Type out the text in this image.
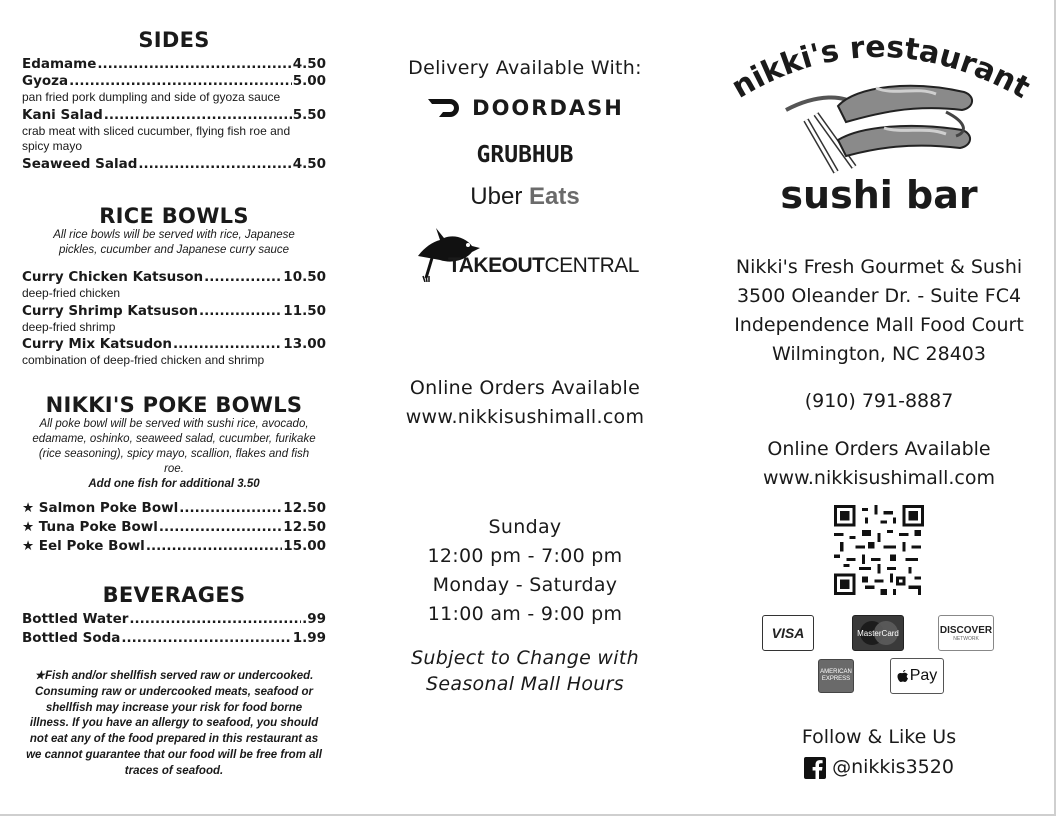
SIDES
Edamame .....	4.50
Gyoza .....	5.00

pan fried pork dumpling and side of gyoza sauce

Kani Salad .....	5.50

crab meat with sliced cucumber, flying fish roe and spicy mayo

Seaweed Salad .....	4.50
RICE BOWLS

All rice bowls will be served with rice, Japanese pickles, cucumber and Japanese curry sauce

Curry Chicken Katsuson .....	10.50

deep-fried chicken

Curry Shrimp Katsuson .....	11.50

deep-fried shrimp

Curry Mix Katsudon .....	13.00

combination of deep-fried chicken and shrimp

NIKKI'S POKE BOWLS

All poke bowl will be served with sushi rice, avocado, edamame, oshinko, seaweed salad, cucumber, furikake (rice seasoning), spicy mayo, scallion, flakes and fish roe.

Add one fish for additional 3.50

★ Salmon Poke Bowl .....	12.50
★ Tuna Poke Bowl .....	12.50
★ Eel Poke Bowl .....	15.00
BEVERAGES
Bottled Water .....	.99
Bottled Soda .....	1.99
★Fish and/or shellfish served raw or undercooked. Consuming raw or undercooked meats, seafood or shellfish may increase your risk for food borne illness. If you have an allergy to seafood, you should not eat any of the food prepared in this restaurant as we cannot guarantee that our food will be free from all traces of seafood.
Delivery Available With:
DOORDASH
GRUBHUB
Uber Eats
TAKEOUTCENTRAL
Online Orders Available
www.nikkisushimall.com
Sunday
12:00 pm - 7:00 pm
Monday - Saturday
11:00 am - 9:00 pm
Subject to Change with
Seasonal Mall Hours
nikki's restaurant
sushi bar
Nikki's Fresh Gourmet & Sushi
3500 Oleander Dr. - Suite FC4
Independence Mall Food Court
Wilmington, NC 28403
(910) 791-8887
Online Orders Available
www.nikkisushimall.com
VISA	MasterCard	DISCOVER
NETWORK
AMERICAN
EXPRESS	Pay
Follow & Like Us
@nikkis3520
